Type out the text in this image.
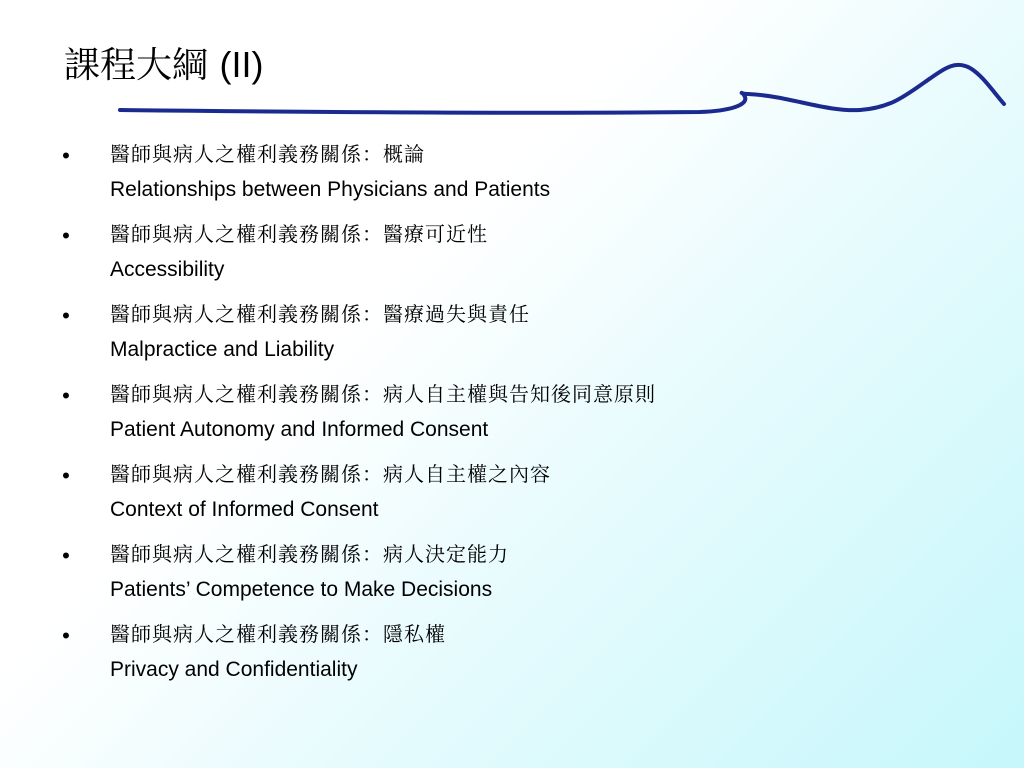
課程大綱 (II)
• 醫師與病人之權利義務關係：概論
Relationships between Physicians and Patients
• 醫師與病人之權利義務關係：醫療可近性
Accessibility
• 醫師與病人之權利義務關係：醫療過失與責任
Malpractice and Liability
• 醫師與病人之權利義務關係：病人自主權與告知後同意原則
Patient Autonomy and Informed Consent
• 醫師與病人之權利義務關係：病人自主權之內容
Context of Informed Consent
• 醫師與病人之權利義務關係：病人決定能力
Patients’ Competence to Make Decisions
• 醫師與病人之權利義務關係：隱私權
Privacy and Confidentiality
